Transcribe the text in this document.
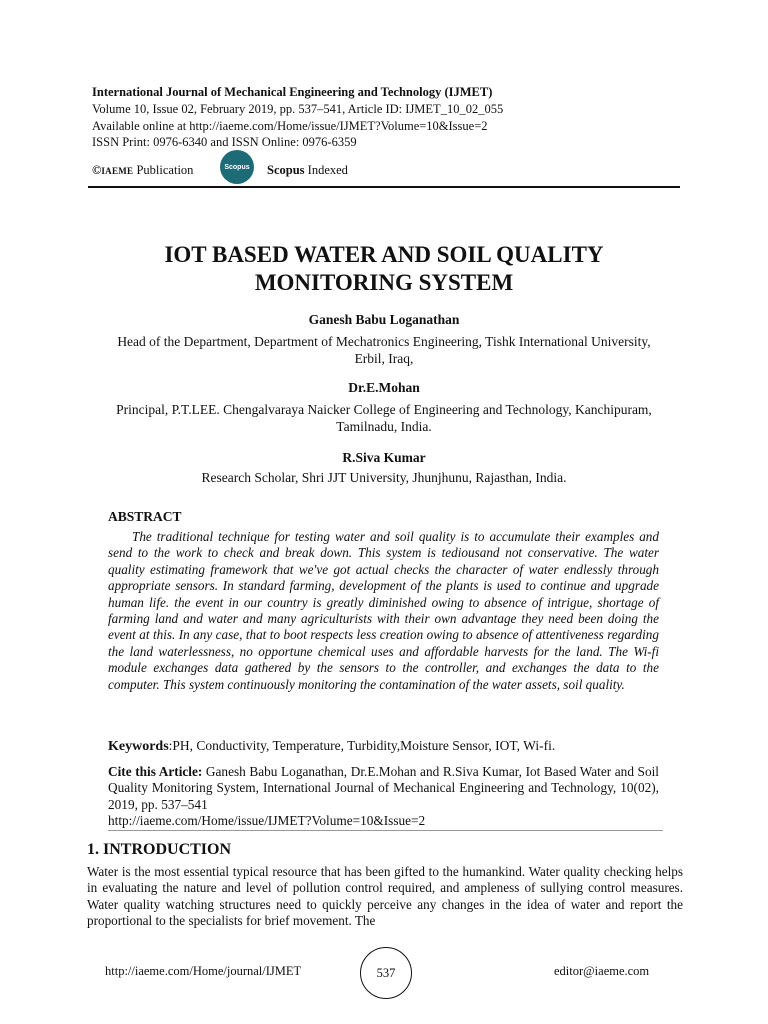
International Journal of Mechanical Engineering and Technology (IJMET)
Volume 10, Issue 02, February 2019, pp. 537–541, Article ID: IJMET_10_02_055
Available online at http://iaeme.com/Home/issue/IJMET?Volume=10&Issue=2
ISSN Print: 0976-6340 and ISSN Online: 0976-6359
©IAEME Publication	Scopus	Scopus Indexed
IOT BASED WATER AND SOIL QUALITY
MONITORING SYSTEM
Ganesh Babu Loganathan
Head of the Department, Department of Mechatronics Engineering, Tishk International University, Erbil, Iraq,
Dr.E.Mohan
Principal, P.T.LEE. Chengalvaraya Naicker College of Engineering and Technology, Kanchipuram, Tamilnadu, India.
R.Siva Kumar
Research Scholar, Shri JJT University, Jhunjhunu, Rajasthan, India.
ABSTRACT

The traditional technique for testing water and soil quality is to accumulate their examples and send to the work to check and break down. This system is tediousand not conservative. The water quality estimating framework that we've got actual checks the character of water endlessly through appropriate sensors. In standard farming, development of the plants is used to continue and upgrade human life. the event in our country is greatly diminished owing to absence of intrigue, shortage of farming land and water and many agriculturists with their own advantage they need been doing the event at this. In any case, that to boot respects less creation owing to absence of attentiveness regarding the land waterlessness, no opportune chemical uses and affordable harvests for the land. The Wi-fi module exchanges data gathered by the sensors to the controller, and exchanges the data to the computer. This system continuously monitoring the contamination of the water assets, soil quality.

Keywords:PH, Conductivity, Temperature, Turbidity,Moisture Sensor, IOT, Wi-fi.

Cite this Article: Ganesh Babu Loganathan, Dr.E.Mohan and R.Siva Kumar, Iot Based Water and Soil Quality Monitoring System, International Journal of Mechanical Engineering and Technology, 10(02), 2019, pp. 537–541
http://iaeme.com/Home/issue/IJMET?Volume=10&Issue=2

1. INTRODUCTION

Water is the most essential typical resource that has been gifted to the humankind. Water quality checking helps in evaluating the nature and level of pollution control required, and ampleness of sullying control measures. Water quality watching structures need to quickly perceive any changes in the idea of water and report the proportional to the specialists for brief movement. The

http://iaeme.com/Home/journal/IJMET	537	editor@iaeme.com
